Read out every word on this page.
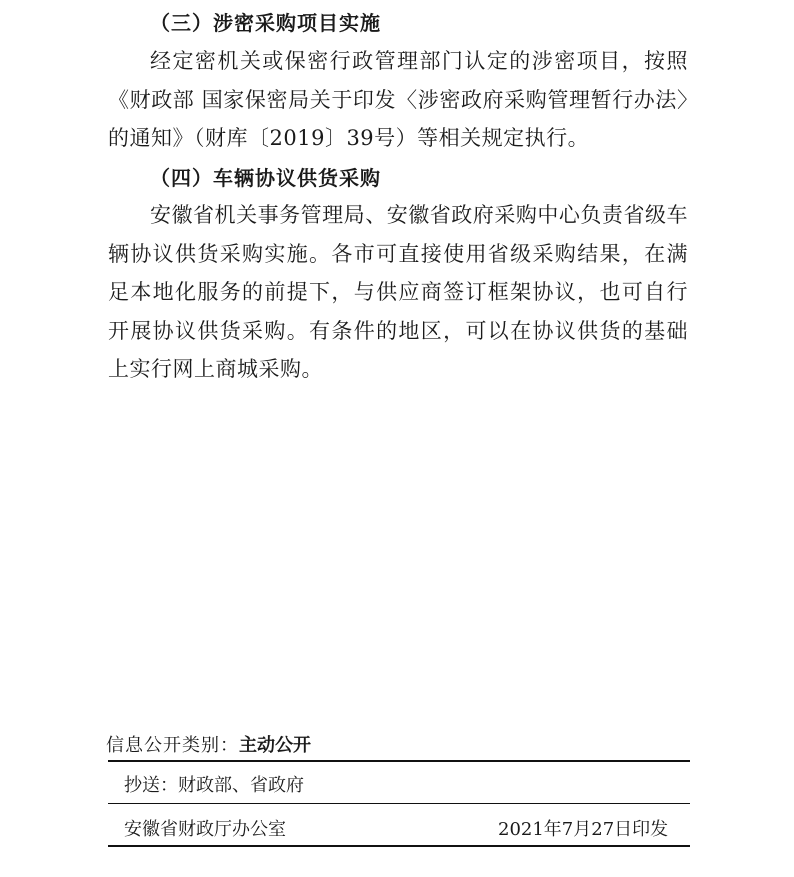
（三）涉密采购项目实施
经定密机关或保密行政管理部门认定的涉密项目，按照《财政部 国家保密局关于印发〈涉密政府采购管理暂行办法〉的通知》（财库〔2019〕39号）等相关规定执行。
（四）车辆协议供货采购
安徽省机关事务管理局、安徽省政府采购中心负责省级车辆协议供货采购实施。各市可直接使用省级采购结果，在满足本地化服务的前提下，与供应商签订框架协议，也可自行开展协议供货采购。有条件的地区，可以在协议供货的基础上实行网上商城采购。
信息公开类别：主动公开
抄送：财政部、省政府
安徽省财政厅办公室	2021年7月27日印发
